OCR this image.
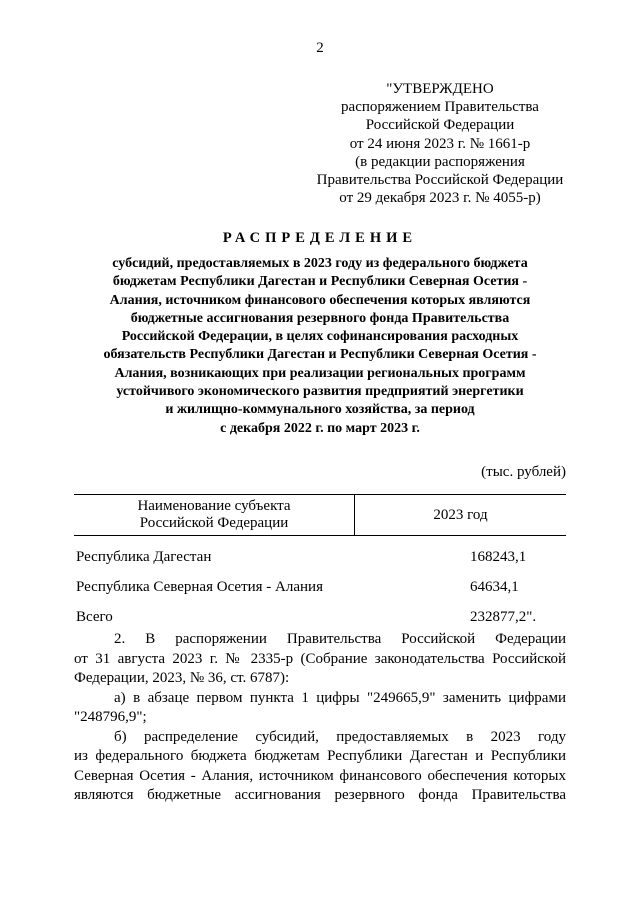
2
"УТВЕРЖДЕНО
распоряжением Правительства
Российской Федерации
от 24 июня 2023 г. № 1661-р
(в редакции распоряжения
Правительства Российской Федерации
от 29 декабря 2023 г. № 4055-р)
РАСПРЕДЕЛЕНИЕ
субсидий, предоставляемых в 2023 году из федерального бюджета
бюджетам Республики Дагестан и Республики Северная Осетия -
Алания, источником финансового обеспечения которых являются
бюджетные ассигнования резервного фонда Правительства
Российской Федерации, в целях софинансирования расходных
обязательств Республики Дагестан и Республики Северная Осетия -
Алания, возникающих при реализации региональных программ
устойчивого экономического развития предприятий энергетики
и жилищно-коммунального хозяйства, за период
с декабря 2022 г. по март 2023 г.
(тыс. рублей)
Наименование субъекта
Российской Федерации	2023 год
Республика Дагестан	168243,1
Республика Северная Осетия - Алания	64634,1
Всего	232877,2".

2. В распоряжении Правительства Российской Федерации

от 31 августа 2023 г. № 2335-р (Собрание законодательства Российской Федерации, 2023, № 36, ст. 6787):

а) в абзаце первом пункта 1 цифры "249665,9" заменить цифрами

"248796,9";

б) распределение субсидий, предоставляемых в 2023 году

из федерального бюджета бюджетам Республики Дагестан и Республики Северная Осетия - Алания, источником финансового обеспечения которых являются бюджетные ассигнования резервного фонда Правительства
